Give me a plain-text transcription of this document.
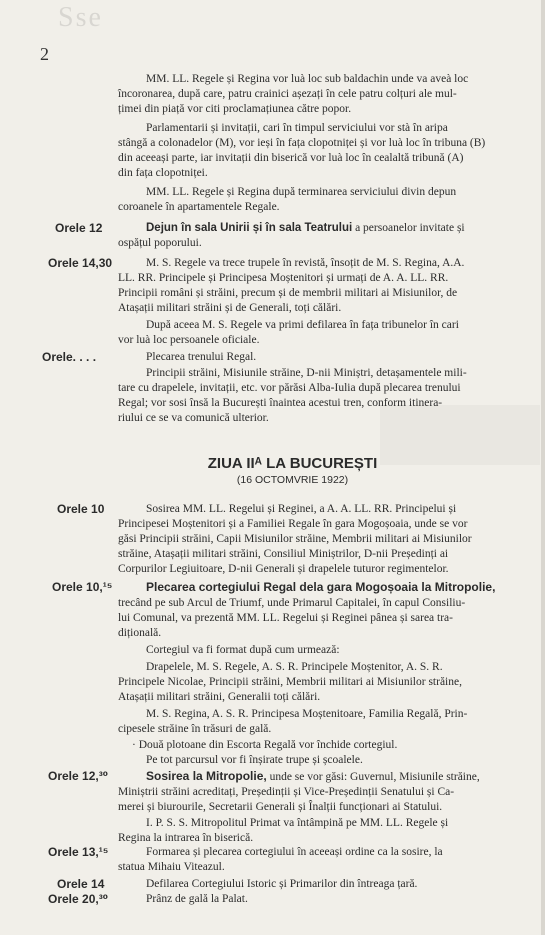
Sse
2
MM. LL. Regele și Regina vor luà loc sub baldachin unde va aveà loc
încoronarea, după care, patru crainici așezați în cele patru colțuri ale mul-
țimei din piață vor citi proclamațiunea către popor.
Parlamentarii și invitații, cari în timpul serviciului vor stà în aripa
stângă a colonadelor (M), vor ieși în fața clopotniței și vor luà loc în tribuna (B)
din aceeași parte, iar invitații din biserică vor luà loc în cealaltă tribună (A)
din fața clopotniței.
MM. LL. Regele și Regina după terminarea serviciului divin depun
coroanele în apartamentele Regale.
Orele 12	Dejun în sala Unirii și în sala Teatrului a persoanelor invitate și
ospățul poporului.
Orele 14,30	M. S. Regele va trece trupele în revistă, însoțit de M. S. Regina, A.A.
LL. RR. Principele și Principesa Moștenitori și urmați de A. A. LL. RR.
Principii români și străini, precum și de membrii militari ai Misiunilor, de
Atașații militari străini și de Generali, toți călări.
După aceea M. S. Regele va primi defilarea în fața tribunelor în cari
vor luà loc persoanele oficiale.
Orele. . . .	Plecarea trenului Regal.
Principii străini, Misiunile străine, D-nii Miniștri, detașamentele mili-
tare cu drapelele, invitații, etc. vor părăsi Alba-Iulia după plecarea trenului
Regal; vor sosi însă la București înaintea acestui tren, conform itinera-
riului ce se va comunică ulterior.
ZIUA IIᴬ LA BUCUREȘTI
(16 OCTOMVRIE 1922)
Orele 10	Sosirea MM. LL. Regelui și Reginei, a A. A. LL. RR. Principelui și
Principesei Moștenitori și a Familiei Regale în gara Mogoșoaia, unde se vor
găsi Principii străini, Capii Misiunilor străine, Membrii militari ai Misiunilor
străine, Atașații militari străini, Consiliul Miniștrilor, D-nii Președinți ai
Corpurilor Legiuitoare, D-nii Generali și drapelele tuturor regimentelor.
Orele 10,¹⁵	Plecarea cortegiului Regal dela gara Mogoșoaia la Mitropolie,
trecând pe sub Arcul de Triumf, unde Primarul Capitalei, în capul Consiliu-
lui Comunal, va prezentă MM. LL. Regelui și Reginei pânea și sarea tra-
dițională.
Cortegiul va fi format după cum urmează:
Drapelele, M. S. Regele, A. S. R. Principele Moștenitor, A. S. R.
Principele Nicolae, Principii străini, Membrii militari ai Misiunilor străine,
Atașații militari străini, Generalii toți călări.
M. S. Regina, A. S. R. Principesa Moștenitoare, Familia Regală, Prin-
cipesele străine în trăsuri de gală.
· Două plotoane din Escorta Regală vor închide cortegiul.
Pe tot parcursul vor fi înșirate trupe și școalele.
Orele 12,³⁰	Sosirea la Mitropolie, unde se vor găsi: Guvernul, Misiunile străine,
Miniștrii străini acreditați, Președinții și Vice-Președinții Senatului și Ca-
merei și biurourile, Secretarii Generali și Înalții funcționari ai Statului.
I. P. S. S. Mitropolitul Primat va întâmpină pe MM. LL. Regele și
Regina la intrarea în biserică.
Orele 13,¹⁵	Formarea și plecarea cortegiului în aceeași ordine ca la sosire, la
statua Mihaiu Viteazul.
Orele 14	Defilarea Cortegiului Istoric și Primarilor din întreaga țară.
Orele 20,³⁰	Prânz de gală la Palat.
